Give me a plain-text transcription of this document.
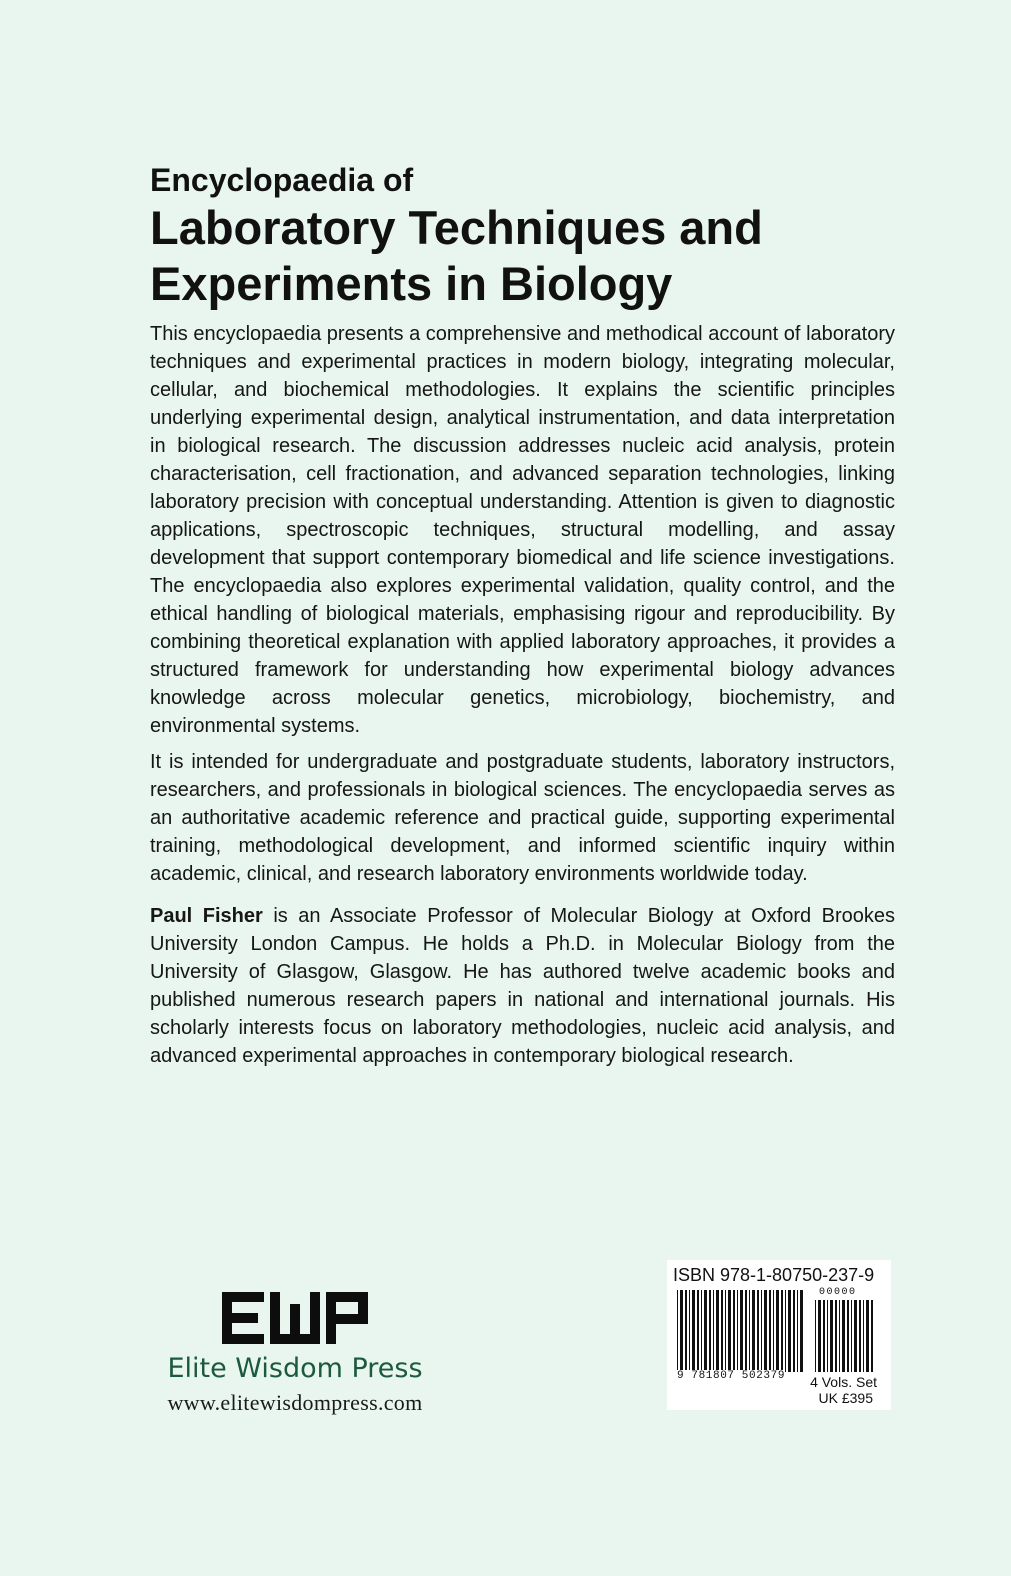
Encyclopaedia of
Laboratory Techniques and
Experiments in Biology

This encyclopaedia presents a comprehensive and methodical account of laboratory techniques and experimental practices in modern biology, integrating molecular, cellular, and biochemical methodologies. It explains the scientific principles underlying experimental design, analytical instrumentation, and data interpretation in biological research. The discussion addresses nucleic acid analysis, protein characterisation, cell fractionation, and advanced separation technologies, linking laboratory precision with conceptual understanding. Attention is given to diagnostic applications, spectroscopic techniques, structural modelling, and assay development that support contemporary biomedical and life science investigations. The encyclopaedia also explores experimental validation, quality control, and the ethical handling of biological materials, emphasising rigour and reproducibility. By combining theoretical explanation with applied laboratory approaches, it provides a structured framework for understanding how experimental biology advances knowledge across molecular genetics, microbiology, biochemistry, and environmental systems.

It is intended for undergraduate and postgraduate students, laboratory instructors, researchers, and professionals in biological sciences. The encyclopaedia serves as an authoritative academic reference and practical guide, supporting experimental training, methodological development, and informed scientific inquiry within academic, clinical, and research laboratory environments worldwide today.

Paul Fisher is an Associate Professor of Molecular Biology at Oxford Brookes University London Campus. He holds a Ph.D. in Molecular Biology from the University of Glasgow, Glasgow. He has authored twelve academic books and published numerous research papers in national and international journals. His scholarly interests focus on laboratory methodologies, nucleic acid analysis, and advanced experimental approaches in contemporary biological research.

Elite Wisdom Press
www.elitewisdompress.com
ISBN 978-1-80750-237-9
00000
9 781807 502379 4 Vols. Set
UK £395
